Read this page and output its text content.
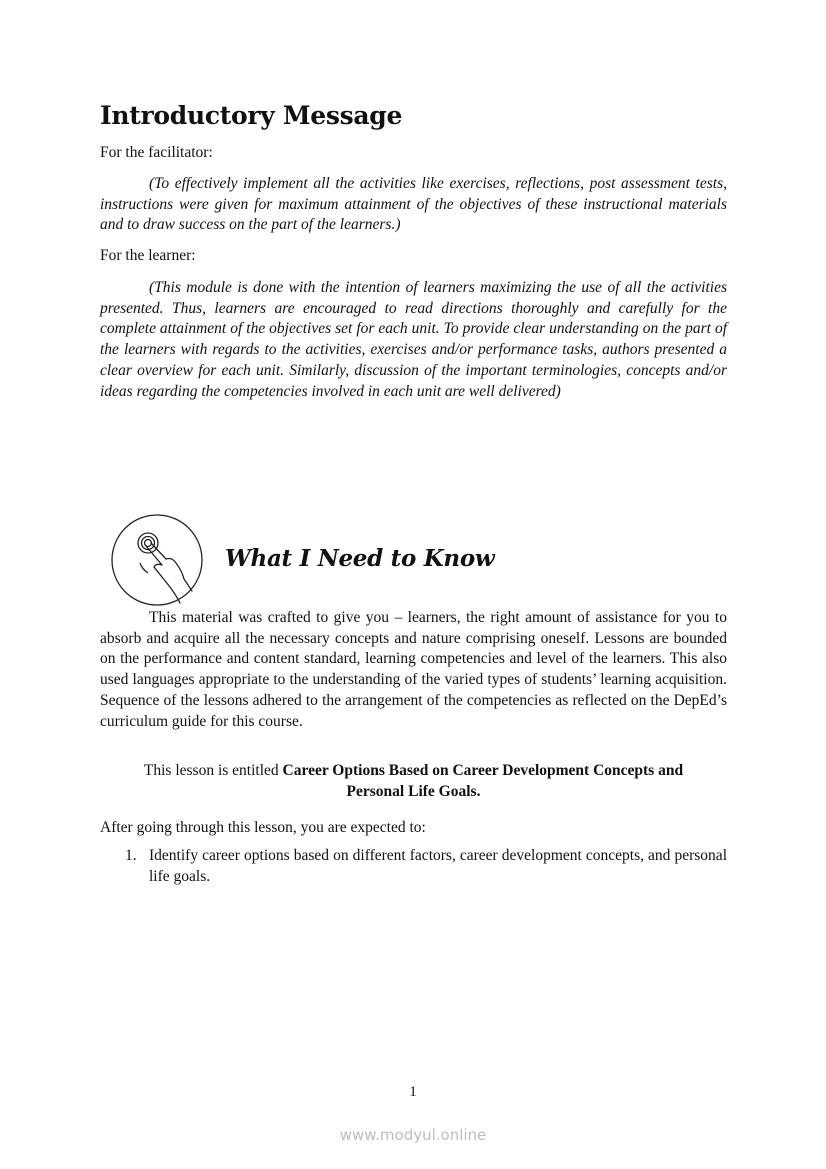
Introductory Message

For the facilitator:

(To effectively implement all the activities like exercises, reflections, post assessment tests, instructions were given for maximum attainment of the objectives of these instructional materials and to draw success on the part of the learners.)

For the learner:

(This module is done with the intention of learners maximizing the use of all the activities presented. Thus, learners are encouraged to read directions thoroughly and carefully for the complete attainment of the objectives set for each unit. To provide clear understanding on the part of the learners with regards to the activities, exercises and/or performance tasks, authors presented a clear overview for each unit. Similarly, discussion of the important terminologies, concepts and/or ideas regarding the competencies involved in each unit are well delivered)

What I Need to Know

This material was crafted to give you – learners, the right amount of assistance for you to absorb and acquire all the necessary concepts and nature comprising oneself. Lessons are bounded on the performance and content standard, learning competencies and level of the learners. This also used languages appropriate to the understanding of the varied types of students’ learning acquisition. Sequence of the lessons adhered to the arrangement of the competencies as reflected on the DepEd’s curriculum guide for this course.

This lesson is entitled Career Options Based on Career Development Concepts and Personal Life Goals.

After going through this lesson, you are expected to:

1. Identify career options based on different factors, career development concepts, and personal life goals.
1
www.modyul.online
